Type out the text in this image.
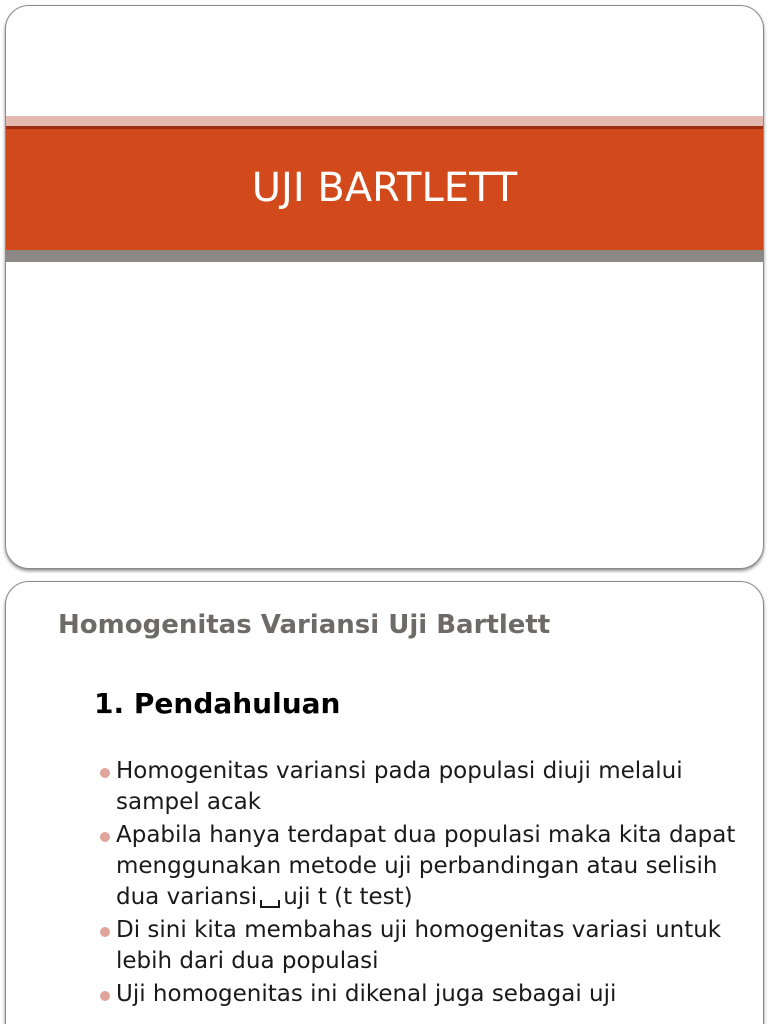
UJI BARTLETT
Homogenitas Variansi Uji Bartlett
1. Pendahuluan
Homogenitas variansi pada populasi diuji melalui sampel acak
Apabila hanya terdapat dua populasi maka kita dapat menggunakan metode uji perbandingan atau selisih dua variansi uji t (t test)
Di sini kita membahas uji homogenitas variasi untuk lebih dari dua populasi
Uji homogenitas ini dikenal juga sebagai uji
